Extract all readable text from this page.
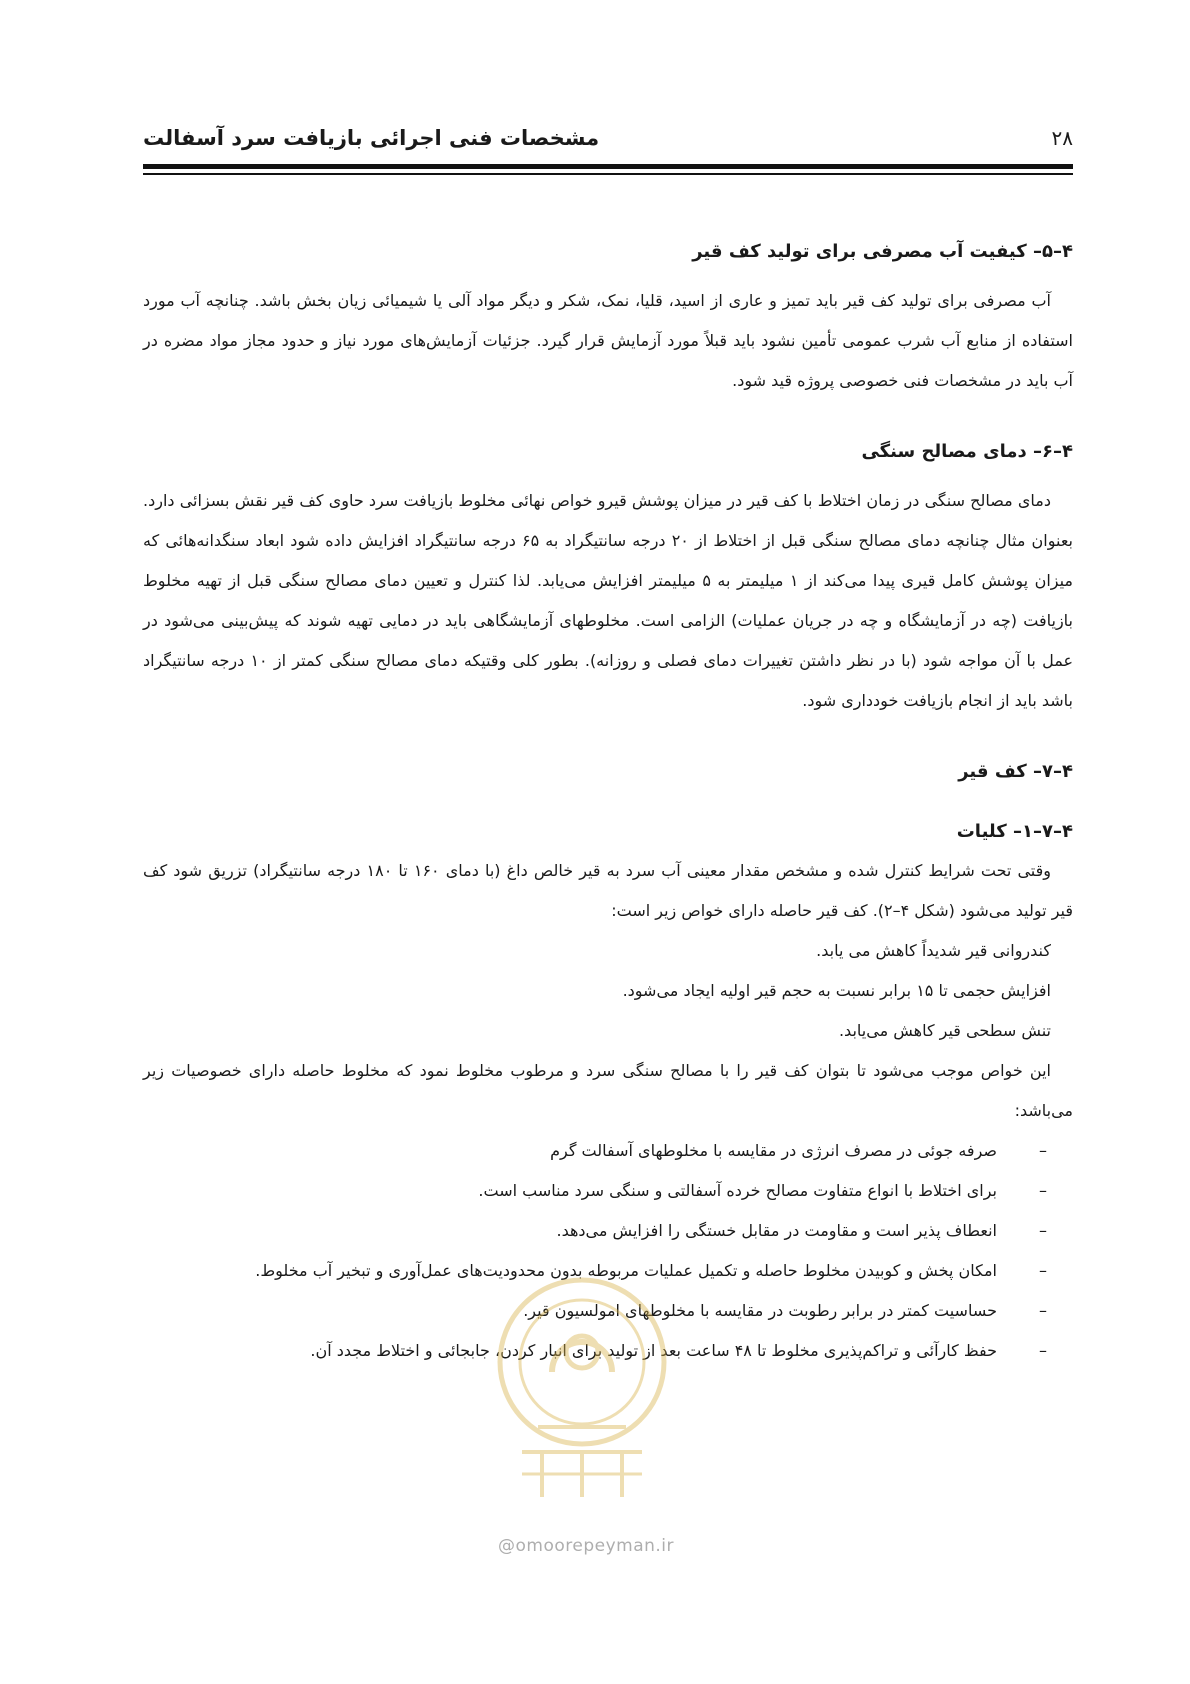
۲۸
مشخصات فنی اجرائی بازیافت سرد آسفالت
۴–۵– کیفیت آب مصرفی برای تولید کف قیر

آب مصرفی برای تولید کف قیر باید تمیز و عاری از اسید، قلیا، نمک، شکر و دیگر مواد آلی یا شیمیائی زیان بخش باشد. چنانچه آب مورد استفاده از منابع آب شرب عمومی تأمین نشود باید قبلاً مورد آزمایش قرار گیرد. جزئیات آزمایش‌های مورد نیاز و حدود مجاز مواد مضره در آب باید در مشخصات فنی خصوصی پروژه قید شود.

۴–۶– دمای مصالح سنگی

دمای مصالح سنگی در زمان اختلاط با کف قیر در میزان پوشش قیرو خواص نهائی مخلوط بازیافت سرد حاوی کف قیر نقش بسزائی دارد. بعنوان مثال چنانچه دمای مصالح سنگی قبل از اختلاط از ۲۰ درجه سانتیگراد به ۶۵ درجه سانتیگراد افزایش داده شود ابعاد سنگدانه‌هائی که میزان پوشش کامل قیری پیدا می‌کند از ۱ میلیمتر به ۵ میلیمتر افزایش می‌یابد. لذا کنترل و تعیین دمای مصالح سنگی قبل از تهیه مخلوط بازیافت (چه در آزمایشگاه و چه در جریان عملیات) الزامی است. مخلوطهای آزمایشگاهی باید در دمایی تهیه شوند که پیش‌بینی می‌شود در عمل با آن مواجه شود (با در نظر داشتن تغییرات دمای فصلی و روزانه). بطور کلی وقتیکه دمای مصالح سنگی کمتر از ۱۰ درجه سانتیگراد باشد باید از انجام بازیافت خودداری شود.

۴–۷– کف قیر
۴–۷–۱– کلیات

وقتی تحت شرایط کنترل شده و مشخص مقدار معینی آب سرد به قیر خالص داغ (با دمای ۱۶۰ تا ۱۸۰ درجه سانتیگراد) تزریق شود کف قیر تولید می‌شود (شکل ۴–۲). کف قیر حاصله دارای خواص زیر است:

کندروانی قیر شدیداً کاهش می یابد.

افزایش حجمی تا ۱۵ برابر نسبت به حجم قیر اولیه ایجاد می‌شود.

تنش سطحی قیر کاهش می‌یابد.

این خواص موجب می‌شود تا بتوان کف قیر را با مصالح سنگی سرد و مرطوب مخلوط نمود که مخلوط حاصله دارای خصوصیات زیر می‌باشد:

–
صرفه جوئی در مصرف انرژی در مقایسه با مخلوطهای آسفالت گرم
–
برای اختلاط با انواع متفاوت مصالح خرده آسفالتی و سنگی سرد مناسب است.
–
انعطاف پذیر است و مقاومت در مقابل خستگی را افزایش می‌دهد.
–
امکان پخش و کوبیدن مخلوط حاصله و تکمیل عملیات مربوطه بدون محدودیت‌های عمل‌آوری و تبخیر آب مخلوط.
–
حساسیت کمتر در برابر رطوبت در مقایسه با مخلوطهای امولسیون قیر.
–
حفظ کارآئی و تراکم‌پذیری مخلوط تا ۴۸ ساعت بعد از تولید برای انبار کردن، جابجائی و اختلاط مجدد آن.
@omoorepeyman.ir
